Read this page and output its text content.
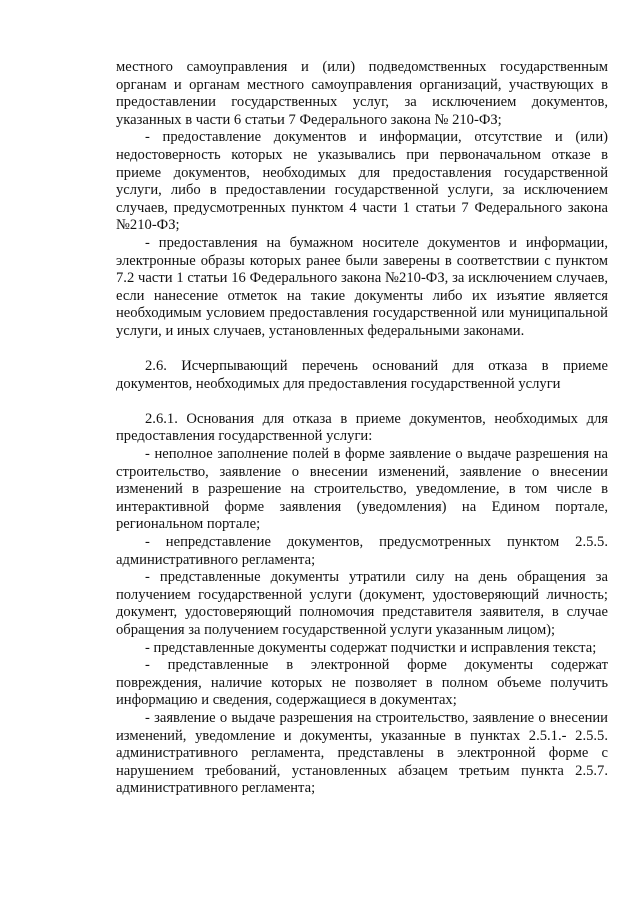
местного самоуправления и (или) подведомственных государственным органам и органам местного самоуправления организаций, участвующих в предоставлении государственных услуг, за исключением документов, указанных в части 6 статьи 7 Федерального закона № 210-ФЗ;

- предоставление документов и информации, отсутствие и (или) недостоверность которых не указывались при первоначальном отказе в приеме документов, необходимых для предоставления государственной услуги, либо в предоставлении государственной услуги, за исключением случаев, предусмотренных пунктом 4 части 1 статьи 7 Федерального закона №210-ФЗ;

- предоставления на бумажном носителе документов и информации, электронные образы которых ранее были заверены в соответствии с пунктом 7.2 части 1 статьи 16 Федерального закона №210-ФЗ, за исключением случаев, если нанесение отметок на такие документы либо их изъятие является необходимым условием предоставления государственной или муниципальной услуги, и иных случаев, установленных федеральными законами.

2.6. Исчерпывающий перечень оснований для отказа в приеме документов, необходимых для предоставления государственной услуги

2.6.1. Основания для отказа в приеме документов, необходимых для предоставления государственной услуги:

- неполное заполнение полей в форме заявление о выдаче разрешения на строительство, заявление о внесении изменений, заявление о внесении изменений в разрешение на строительство, уведомление, в том числе в интерактивной форме заявления (уведомления) на Едином портале, региональном портале;

- непредставление документов, предусмотренных пунктом 2.5.5. административного регламента;

- представленные документы утратили силу на день обращения за получением государственной услуги (документ, удостоверяющий личность; документ, удостоверяющий полномочия представителя заявителя, в случае обращения за получением государственной услуги указанным лицом);

- представленные документы содержат подчистки и исправления текста;

- представленные в электронной форме документы содержат повреждения, наличие которых не позволяет в полном объеме получить информацию и сведения, содержащиеся в документах;

- заявление о выдаче разрешения на строительство, заявление о внесении изменений, уведомление и документы, указанные в пунктах 2.5.1.- 2.5.5. административного регламента, представлены в электронной форме с нарушением требований, установленных абзацем третьим пункта 2.5.7. административного регламента;
